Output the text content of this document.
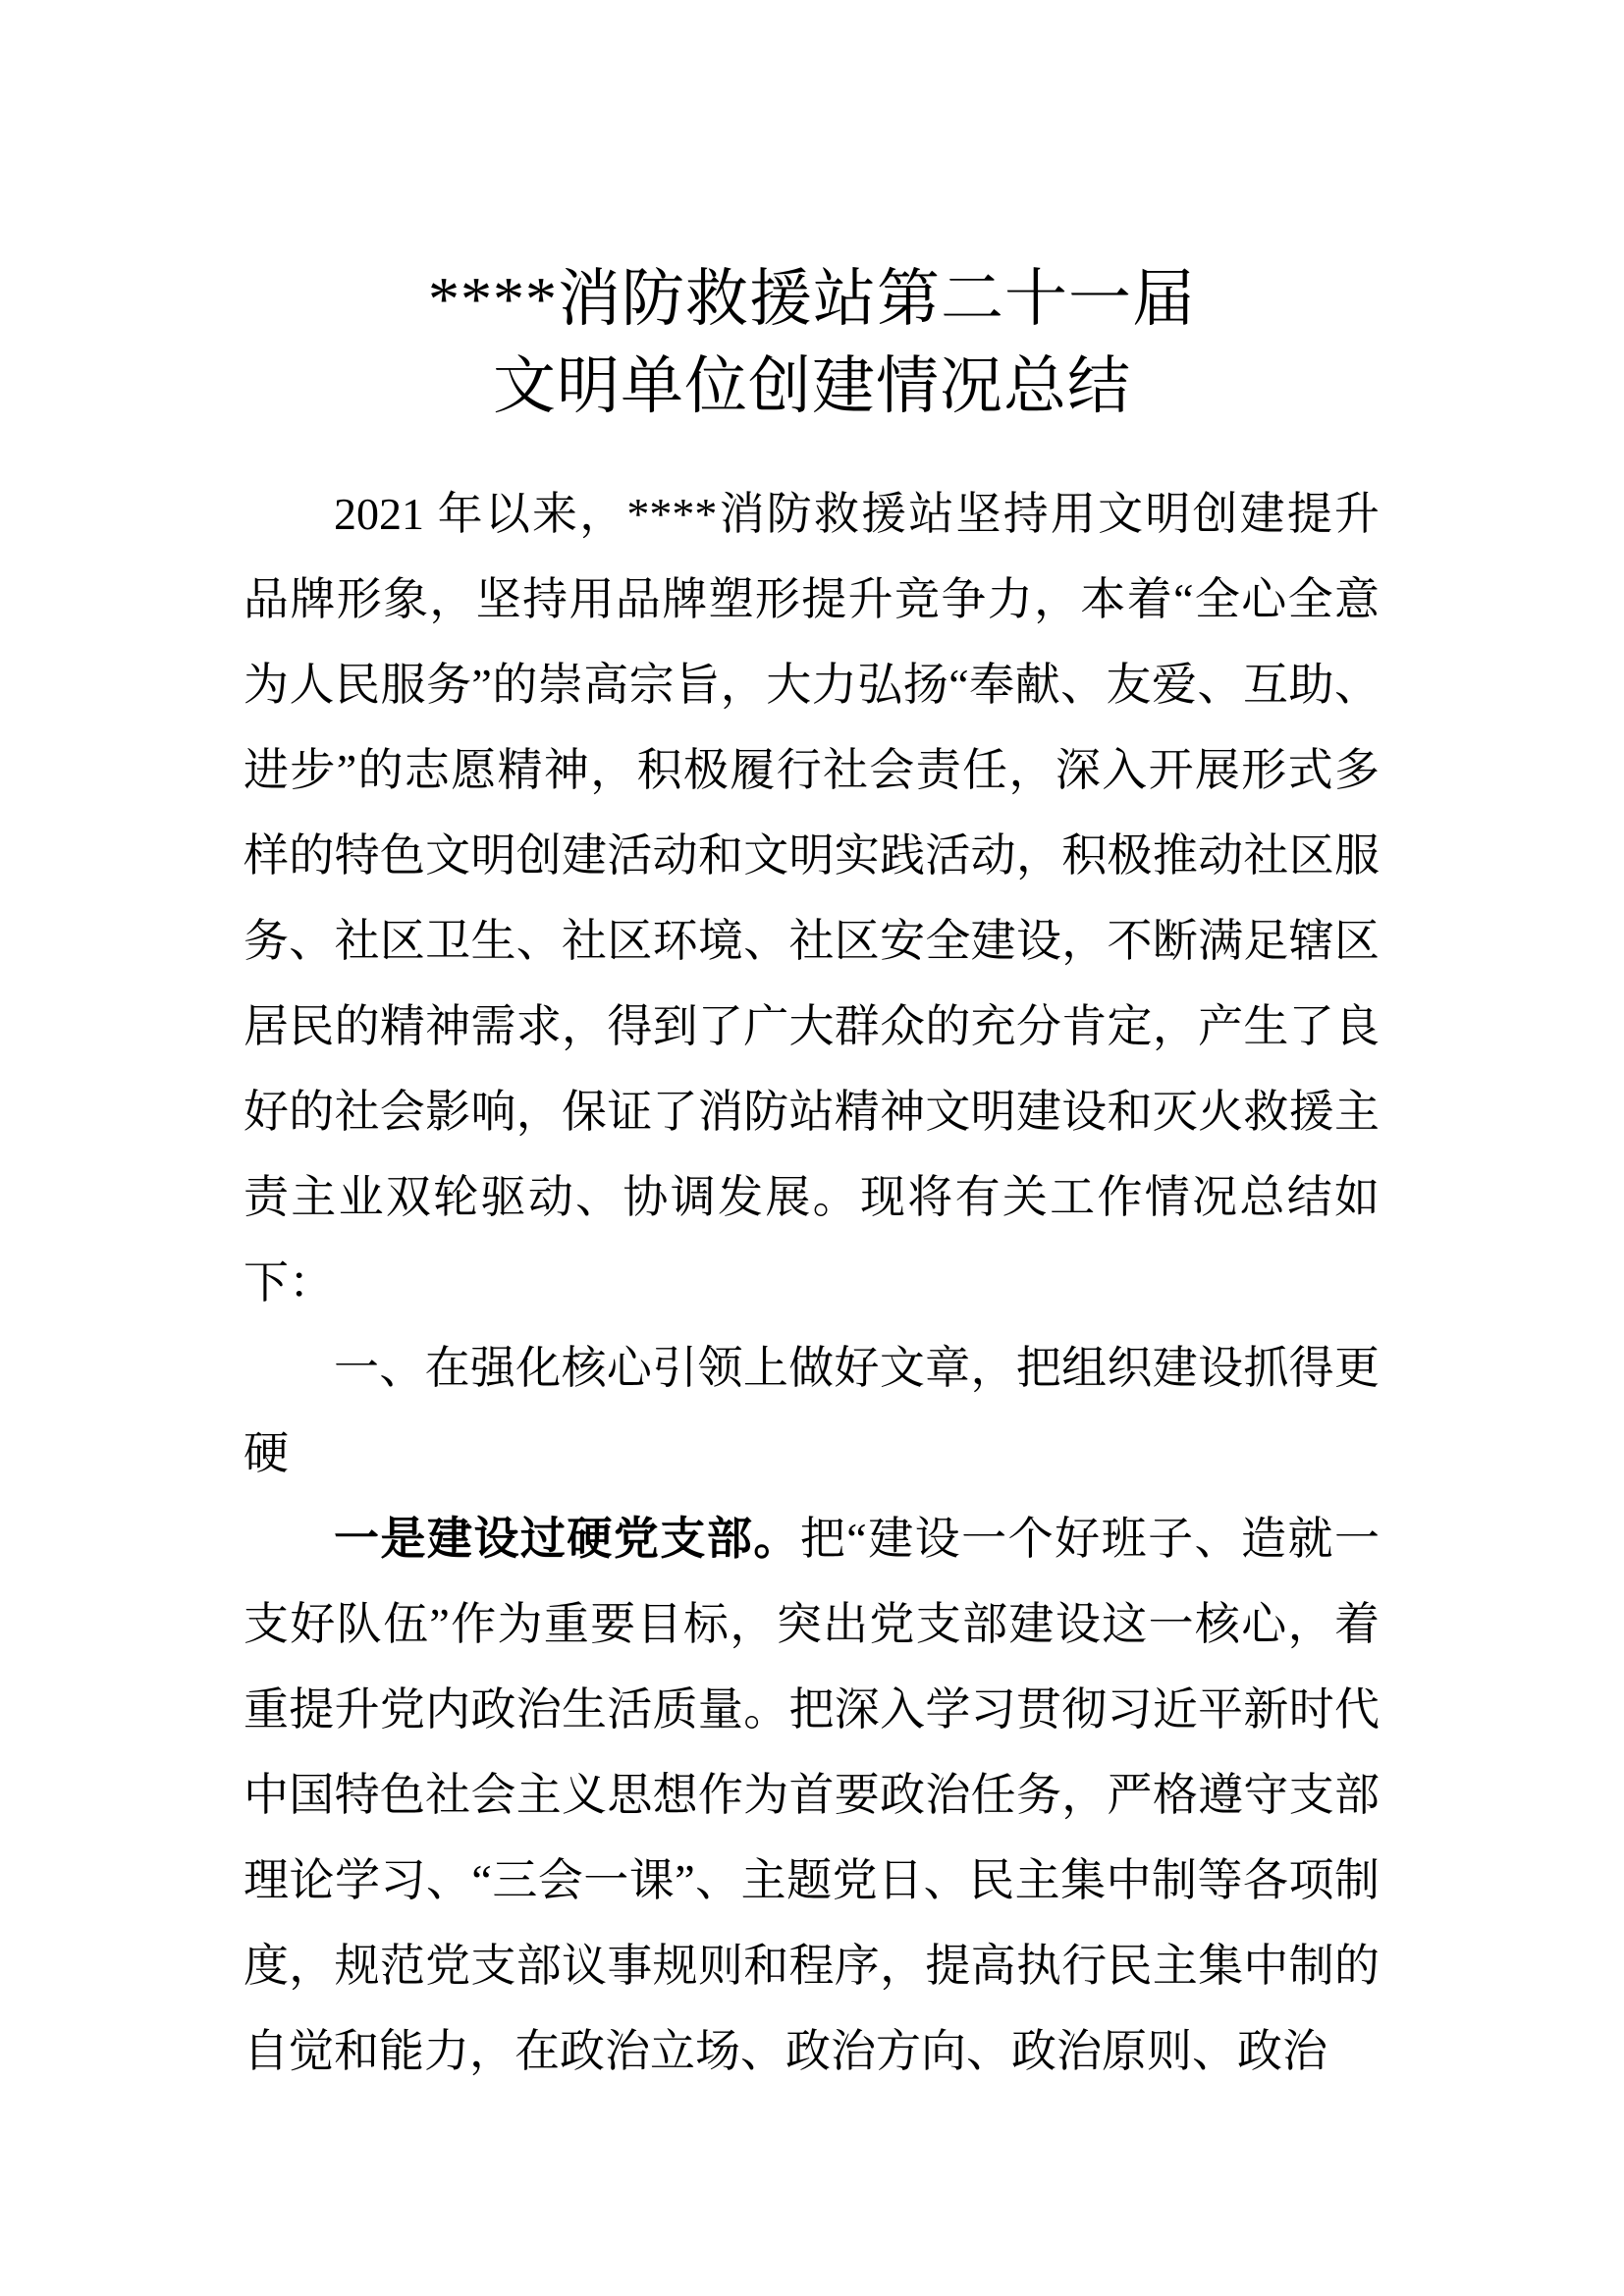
****消防救援站第二十一届
文明单位创建情况总结

2021 年以来，****消防救援站坚持用文明创建提升品牌形象，坚持用品牌塑形提升竞争力，本着“全心全意为人民服务”的崇高宗旨，大力弘扬“奉献、友爱、互助、进步”的志愿精神，积极履行社会责任，深入开展形式多样的特色文明创建活动和文明实践活动，积极推动社区服务、社区卫生、社区环境、社区安全建设，不断满足辖区居民的精神需求，得到了广大群众的充分肯定，产生了良好的社会影响，保证了消防站精神文明建设和灭火救援主责主业双轮驱动、协调发展。现将有关工作情况总结如下：

一、在强化核心引领上做好文章，把组织建设抓得更硬

一是建设过硬党支部。把“建设一个好班子、造就一支好队伍”作为重要目标，突出党支部建设这一核心，着重提升党内政治生活质量。把深入学习贯彻习近平新时代中国特色社会主义思想作为首要政治任务，严格遵守支部理论学习、“三会一课”、主题党日、民主集中制等各项制度，规范党支部议事规则和程序，提高执行民主集中制的自觉和能力，在政治立场、政治方向、政治原则、政治
